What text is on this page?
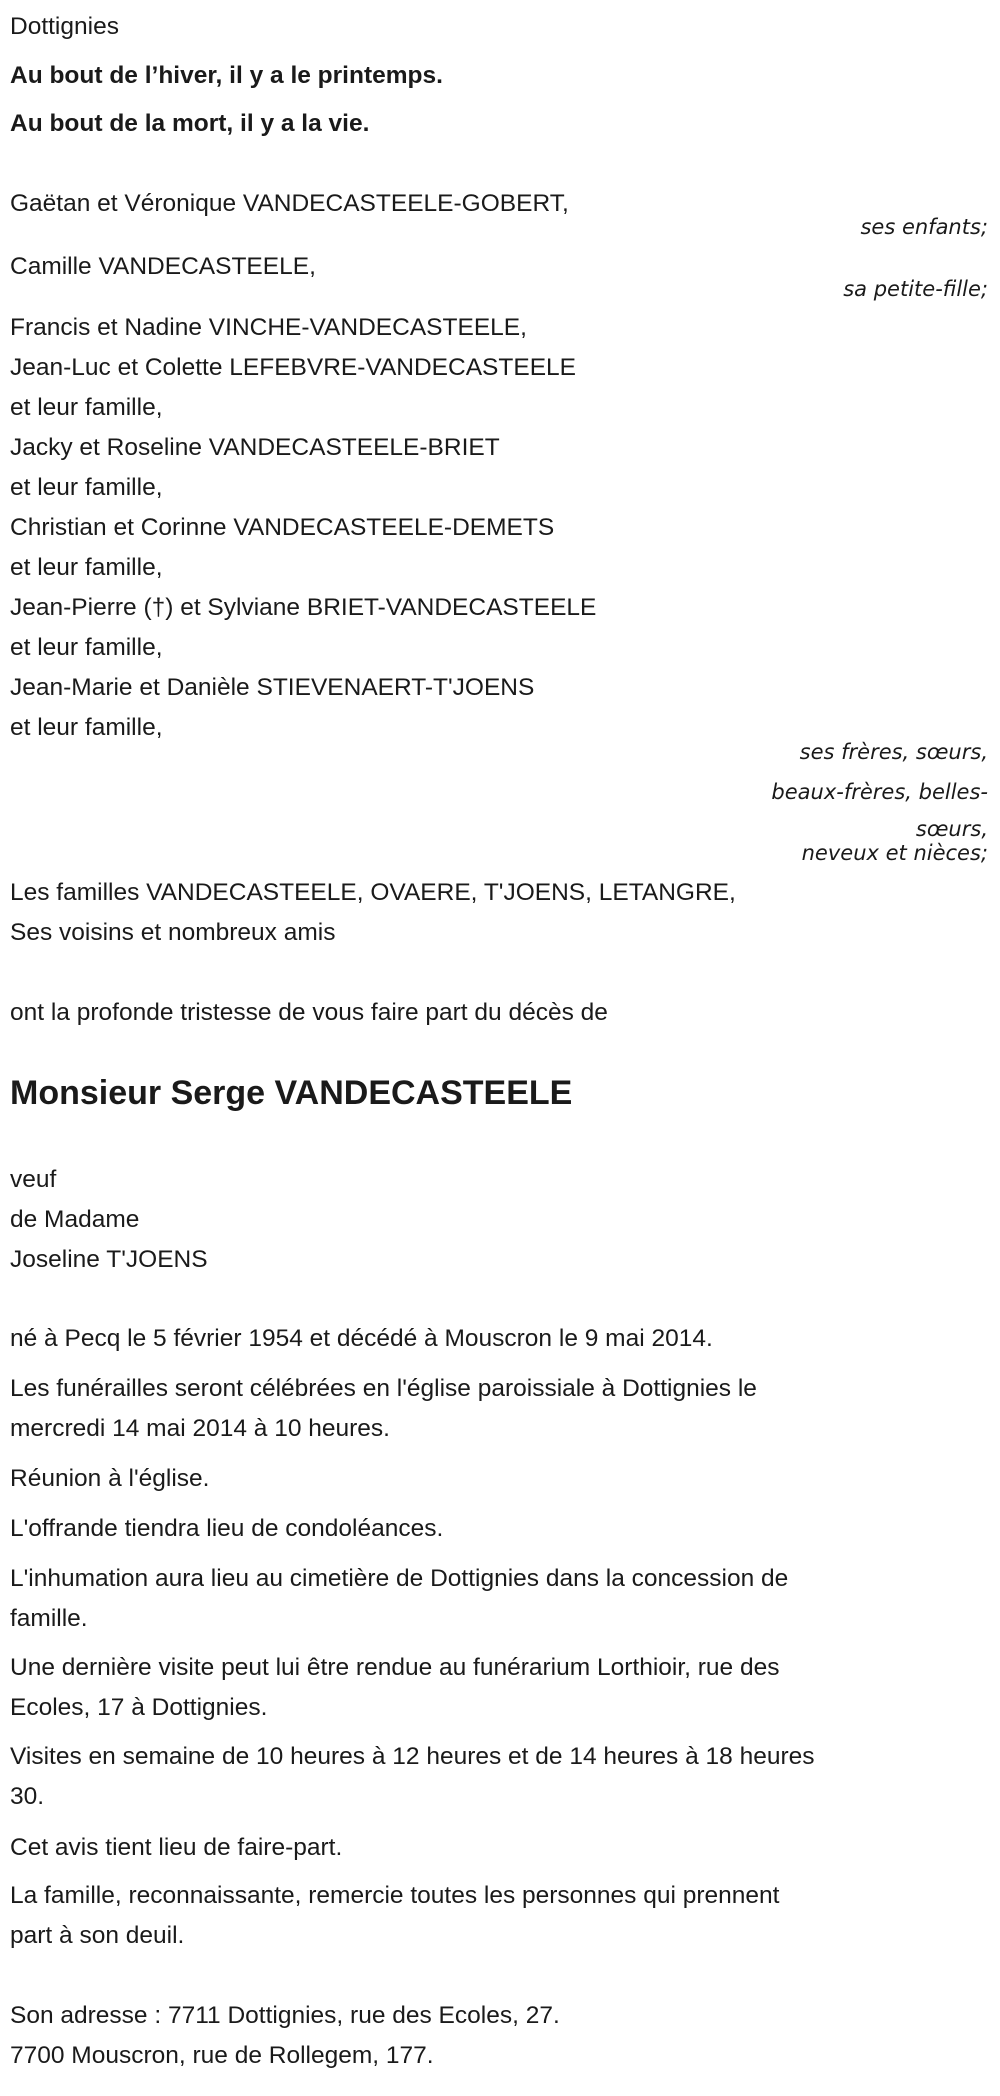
Dottignies
Au bout de l’hiver, il y a le printemps.
Au bout de la mort, il y a la vie.
Gaëtan et Véronique VANDECASTEELE-GOBERT,
ses enfants;
Camille VANDECASTEELE,
sa petite-fille;
Francis et Nadine VINCHE-VANDECASTEELE,
Jean-Luc et Colette LEFEBVRE-VANDECASTEELE
et leur famille,
Jacky et Roseline VANDECASTEELE-BRIET
et leur famille,
Christian et Corinne VANDECASTEELE-DEMETS
et leur famille,
Jean-Pierre (†) et Sylviane BRIET-VANDECASTEELE
et leur famille,
Jean-Marie et Danièle STIEVENAERT-T'JOENS
et leur famille,
ses frères, sœurs,
beaux-frères, belles-
sœurs,
neveux et nièces;
Les familles VANDECASTEELE, OVAERE, T'JOENS, LETANGRE,
Ses voisins et nombreux amis
ont la profonde tristesse de vous faire part du décès de
Monsieur Serge VANDECASTEELE
veuf
de Madame
Joseline T'JOENS
né à Pecq le 5 février 1954 et décédé à Mouscron le 9 mai 2014.
Les funérailles seront célébrées en l'église paroissiale à Dottignies le
mercredi 14 mai 2014 à 10 heures.
Réunion à l'église.
L'offrande tiendra lieu de condoléances.
L'inhumation aura lieu au cimetière de Dottignies dans la concession de
famille.
Une dernière visite peut lui être rendue au funérarium Lorthioir, rue des
Ecoles, 17 à Dottignies.
Visites en semaine de 10 heures à 12 heures et de 14 heures à 18 heures
30.
Cet avis tient lieu de faire-part.
La famille, reconnaissante, remercie toutes les personnes qui prennent
part à son deuil.
Son adresse : 7711 Dottignies, rue des Ecoles, 27.
7700 Mouscron, rue de Rollegem, 177.
